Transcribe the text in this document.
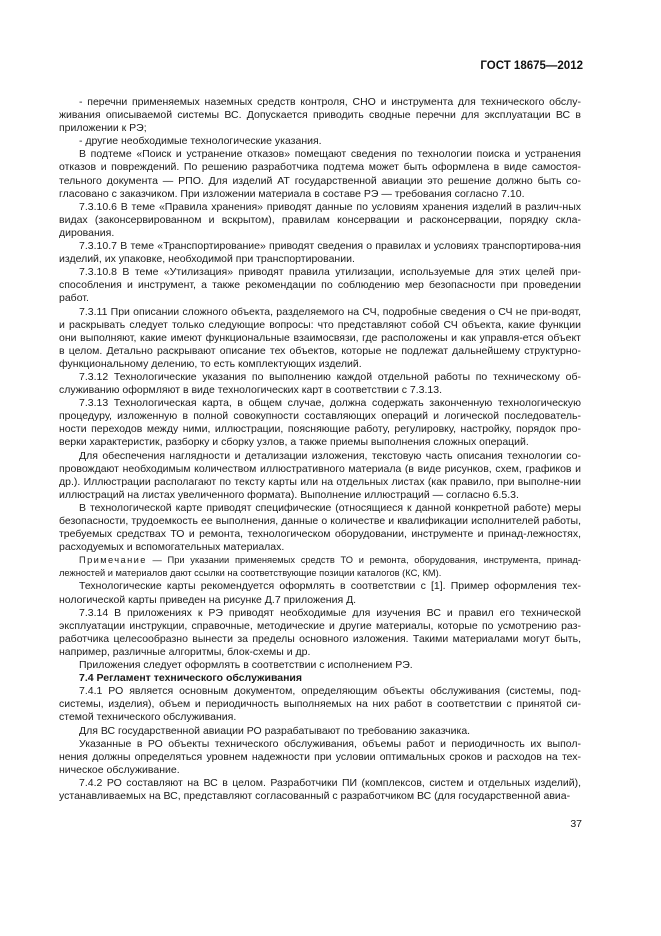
ГОСТ 18675—2012

- перечни применяемых наземных средств контроля, СНО и инструмента для технического обслу-живания описываемой системы ВС. Допускается приводить сводные перечни для эксплуатации ВС в приложении к РЭ;

- другие необходимые технологические указания.

В подтеме «Поиск и устранение отказов» помещают сведения по технологии поиска и устранения отказов и повреждений. По решению разработчика подтема может быть оформлена в виде самостоя-тельного документа — РПО. Для изделий АТ государственной авиации это решение должно быть со-гласовано с заказчиком. При изложении материала в составе РЭ — требования согласно 7.10.

7.3.10.6 В теме «Правила хранения» приводят данные по условиям хранения изделий в различ-ных видах (законсервированном и вскрытом), правилам консервации и расконсервации, порядку скла-дирования.

7.3.10.7 В теме «Транспортирование» приводят сведения о правилах и условиях транспортирова-ния изделий, их упаковке, необходимой при транспортировании.

7.3.10.8 В теме «Утилизация» приводят правила утилизации, используемые для этих целей при-способления и инструмент, а также рекомендации по соблюдению мер безопасности при проведении работ.

7.3.11 При описании сложного объекта, разделяемого на СЧ, подробные сведения о СЧ не при-водят, и раскрывать следует только следующие вопросы: что представляют собой СЧ объекта, какие функции они выполняют, какие имеют функциональные взаимосвязи, где расположены и как управля-ется объект в целом. Детально раскрывают описание тех объектов, которые не подлежат дальнейшему структурно-функциональному делению, то есть комплектующих изделий.

7.3.12 Технологические указания по выполнению каждой отдельной работы по техническому об-служиванию оформляют в виде технологических карт в соответствии с 7.3.13.

7.3.13 Технологическая карта, в общем случае, должна содержать законченную технологическую процедуру, изложенную в полной совокупности составляющих операций и логической последователь-ности переходов между ними, иллюстрации, поясняющие работу, регулировку, настройку, порядок про-верки характеристик, разборку и сборку узлов, а также приемы выполнения сложных операций.

Для обеспечения наглядности и детализации изложения, текстовую часть описания технологии со-провождают необходимым количеством иллюстративного материала (в виде рисунков, схем, графиков и др.). Иллюстрации располагают по тексту карты или на отдельных листах (как правило, при выполне-нии иллюстраций на листах увеличенного формата). Выполнение иллюстраций — согласно 6.5.3.

В технологической карте приводят специфические (относящиеся к данной конкретной работе) меры безопасности, трудоемкость ее выполнения, данные о количестве и квалификации исполнителей работы, требуемых средствах ТО и ремонта, технологическом оборудовании, инструменте и принад-лежностях, расходуемых и вспомогательных материалах.

Примечание — При указании применяемых средств ТО и ремонта, оборудования, инструмента, принад-лежностей и материалов дают ссылки на соответствующие позиции каталогов (КС, КМ).

Технологические карты рекомендуется оформлять в соответствии с [1]. Пример оформления тех-нологической карты приведен на рисунке Д.7 приложения Д.

7.3.14 В приложениях к РЭ приводят необходимые для изучения ВС и правил его технической эксплуатации инструкции, справочные, методические и другие материалы, которые по усмотрению раз-работчика целесообразно вынести за пределы основного изложения. Такими материалами могут быть, например, различные алгоритмы, блок-схемы и др.

Приложения следует оформлять в соответствии с исполнением РЭ.

7.4 Регламент технического обслуживания

7.4.1 РО является основным документом, определяющим объекты обслуживания (системы, под-системы, изделия), объем и периодичность выполняемых на них работ в соответствии с принятой си-стемой технического обслуживания.

Для ВС государственной авиации РО разрабатывают по требованию заказчика.

Указанные в РО объекты технического обслуживания, объемы работ и периодичность их выпол-нения должны определяться уровнем надежности при условии оптимальных сроков и расходов на тех-ническое обслуживание.

7.4.2 РО составляют на ВС в целом. Разработчики ПИ (комплексов, систем и отдельных изделий), устанавливаемых на ВС, представляют согласованный с разработчиком ВС (для государственной авиа-

37
